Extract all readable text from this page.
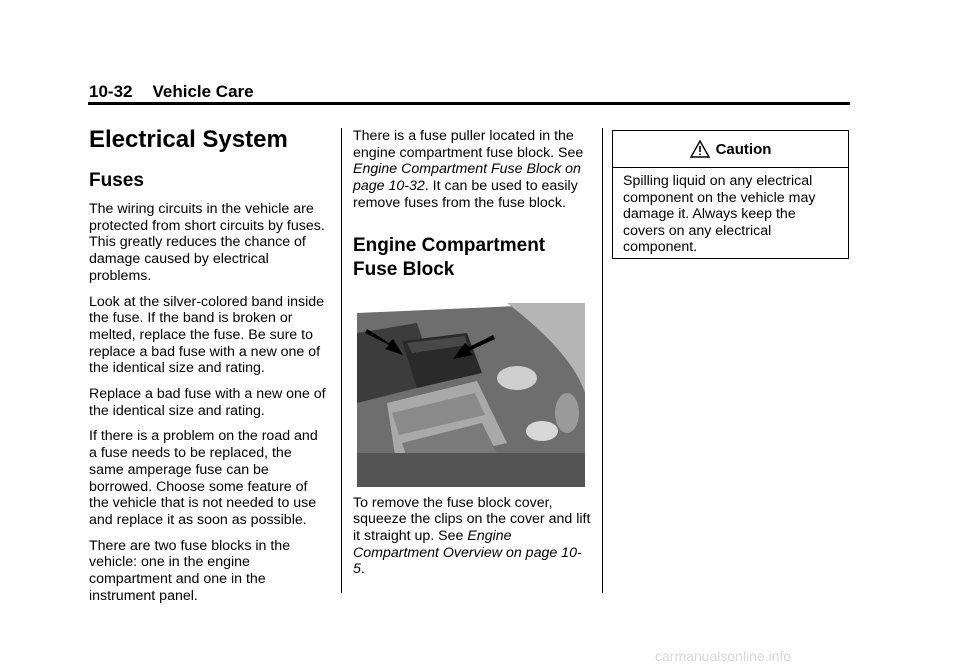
10-32 Vehicle Care
Electrical System
Fuses

The wiring circuits in the vehicle are protected from short circuits by fuses. This greatly reduces the chance of damage caused by electrical problems.

Look at the silver-colored band inside the fuse. If the band is broken or melted, replace the fuse. Be sure to replace a bad fuse with a new one of the identical size and rating.

Replace a bad fuse with a new one of the identical size and rating.

If there is a problem on the road and a fuse needs to be replaced, the same amperage fuse can be borrowed. Choose some feature of the vehicle that is not needed to use and replace it as soon as possible.

There are two fuse blocks in the vehicle: one in the engine compartment and one in the instrument panel.

There is a fuse puller located in the engine compartment fuse block. See Engine Compartment Fuse Block on page 10-32. It can be used to easily remove fuses from the fuse block.

Engine Compartment Fuse Block

To remove the fuse block cover, squeeze the clips on the cover and lift it straight up. See Engine Compartment Overview on page 10-5.

Caution
Spilling liquid on any electrical component on the vehicle may damage it. Always keep the covers on any electrical component.
carmanualsonline.info
